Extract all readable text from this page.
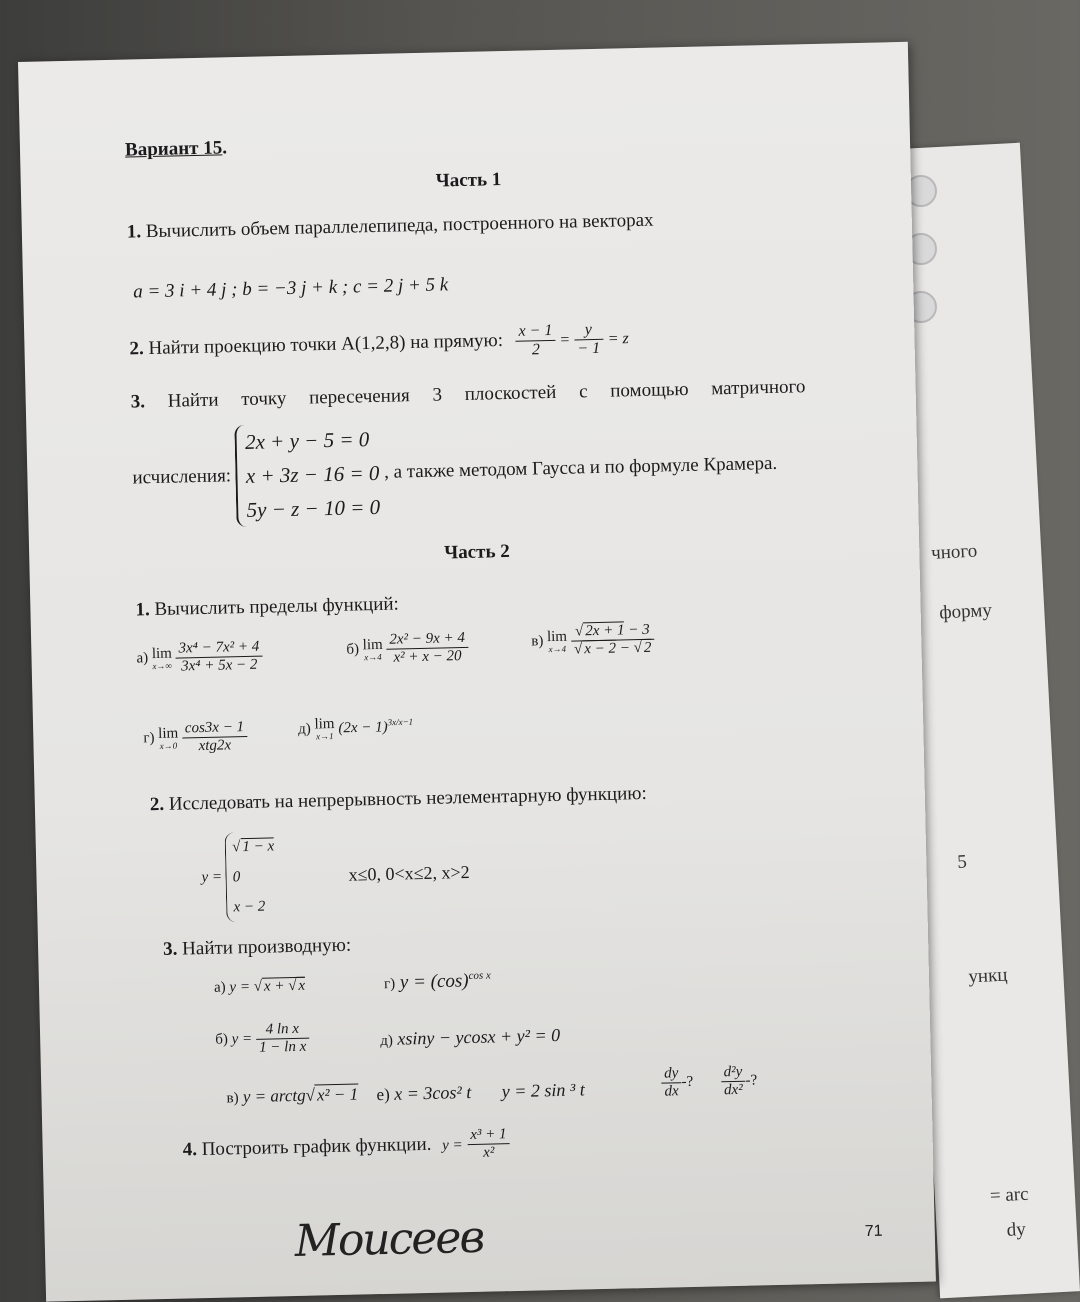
чного
форму
5
ункц
= arc
dy
Вариант 15.
Часть 1
1. Вычислить объем параллелепипеда, построенного на векторах
a = 3 i + 4 j ; b = −3 j + k ; c = 2 j + 5 k
2. Найти проекцию точки А(1,2,8) на прямую: $\frac{x - 1}{2} = \frac{y}{- 1} = z$
3. Найти точку пересечения 3 плоскостей с помощью матричного
исчисления:
2x + y − 5 = 0
x + 3z − 16 = 0
5y − z − 10 = 0
, а также методом Гаусса и по формуле Крамера.
Часть 2
1. Вычислить пределы функций:
а) lim
x→∞
$\frac{\text{3x⁴ − 7x² + 4}}{\text{3x⁴ + 5x − 2}}$	б) lim
x→4
$\frac{\text{2x² − 9x + 4}}{\text{x² + x − 20}}$	в) lim
x→4
$\frac{√ 2x + 1 - 3}{√ x - 2 - √ 2}$
г) lim
x→0
$\frac{\cos 3x - 1}{\text{xtg2x}}$	д) lim
x→1 $(2x - 1)^{3x/x-1}$
2. Исследовать на непрерывность неэлементарную функцию:
y =
√ 1 − x
0
x − 2
x≤0, 0<x≤2, x>2
3. Найти производную:
а) y = √ x + √ x	г) $y = (\cos)^{cos x}$
б) $y = \frac{\text{4 ln x}}{\text{1 − ln x}}$	д) xsiny − ycosx + y² = 0
в) y = arctg√x² − 1 е) x = 3cos² t y = 2 sin ³ t	$\frac{dy}{dx}$ -? $\frac{\text{d²y}}{\text{dx²}}$ -?
4. Построить график функции. $y = \frac{\text{x³ + 1}}{\text{x²}}$
Моисеев	71
